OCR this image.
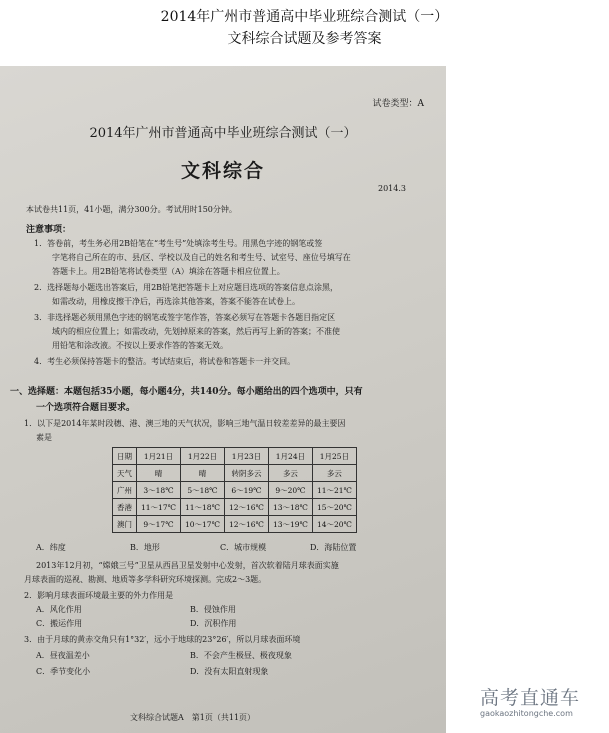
2014年广州市普通高中毕业班综合测试（一）
文科综合试题及参考答案
试卷类型：A
2014年广州市普通高中毕业班综合测试（一）
文科综合
2014.3
本试卷共11页，41小题，满分300分。考试用时150分钟。
注意事项：
1．答卷前，考生务必用2B铅笔在“考生号”处填涂考生号。用黑色字迹的钢笔或签
字笔将自己所在的市、县/区、学校以及自己的姓名和考生号、试室号、座位号填写在
答题卡上。用2B铅笔将试卷类型（A）填涂在答题卡相应位置上。
2．选择题每小题选出答案后，用2B铅笔把答题卡上对应题目选项的答案信息点涂黑，
如需改动，用橡皮擦干净后，再选涂其他答案，答案不能答在试卷上。
3．非选择题必须用黑色字迹的钢笔或签字笔作答，答案必须写在答题卡各题目指定区
域内的相应位置上；如需改动，先划掉原来的答案，然后再写上新的答案；不准使
用铅笔和涂改液。不按以上要求作答的答案无效。
4．考生必须保持答题卡的整洁。考试结束后，将试卷和答题卡一并交回。
一、选择题：本题包括35小题，每小题4分，共140分。每小题给出的四个选项中，只有
一个选项符合题目要求。
1．以下是2014年某时段穗、港、澳三地的天气状况，影响三地气温日较差差异的最主要因
素是
日期	1月21日	1月22日	1月23日	1月24日	1月25日
天气	晴	晴	转阴多云	多云	多云
广州	3～18℃	5～18℃	6～19℃	9～20℃	11～21℃
香港	11～17℃	11～18℃	12～16℃	13～18℃	15～20℃
澳门	9～17℃	10～17℃	12～16℃	13～19℃	14～20℃
A．纬度	B．地形	C．城市规模	D．海陆位置
2013年12月初，“嫦娥三号”卫星从西昌卫星发射中心发射，首次软着陆月球表面实施
月球表面的巡视、勘测、地质等多学科研究环境探测。完成2～3题。
2．影响月球表面环境最主要的外力作用是
A．风化作用	B．侵蚀作用
C．搬运作用	D．沉积作用
3．由于月球的黄赤交角只有1°32′，远小于地球的23°26′，所以月球表面环境
A．昼夜温差小	B．不会产生极昼、极夜现象
C．季节变化小	D．没有太阳直射现象
文科综合试题A　第1页（共11页）
高考直通车
gaokaozhitongche.com
